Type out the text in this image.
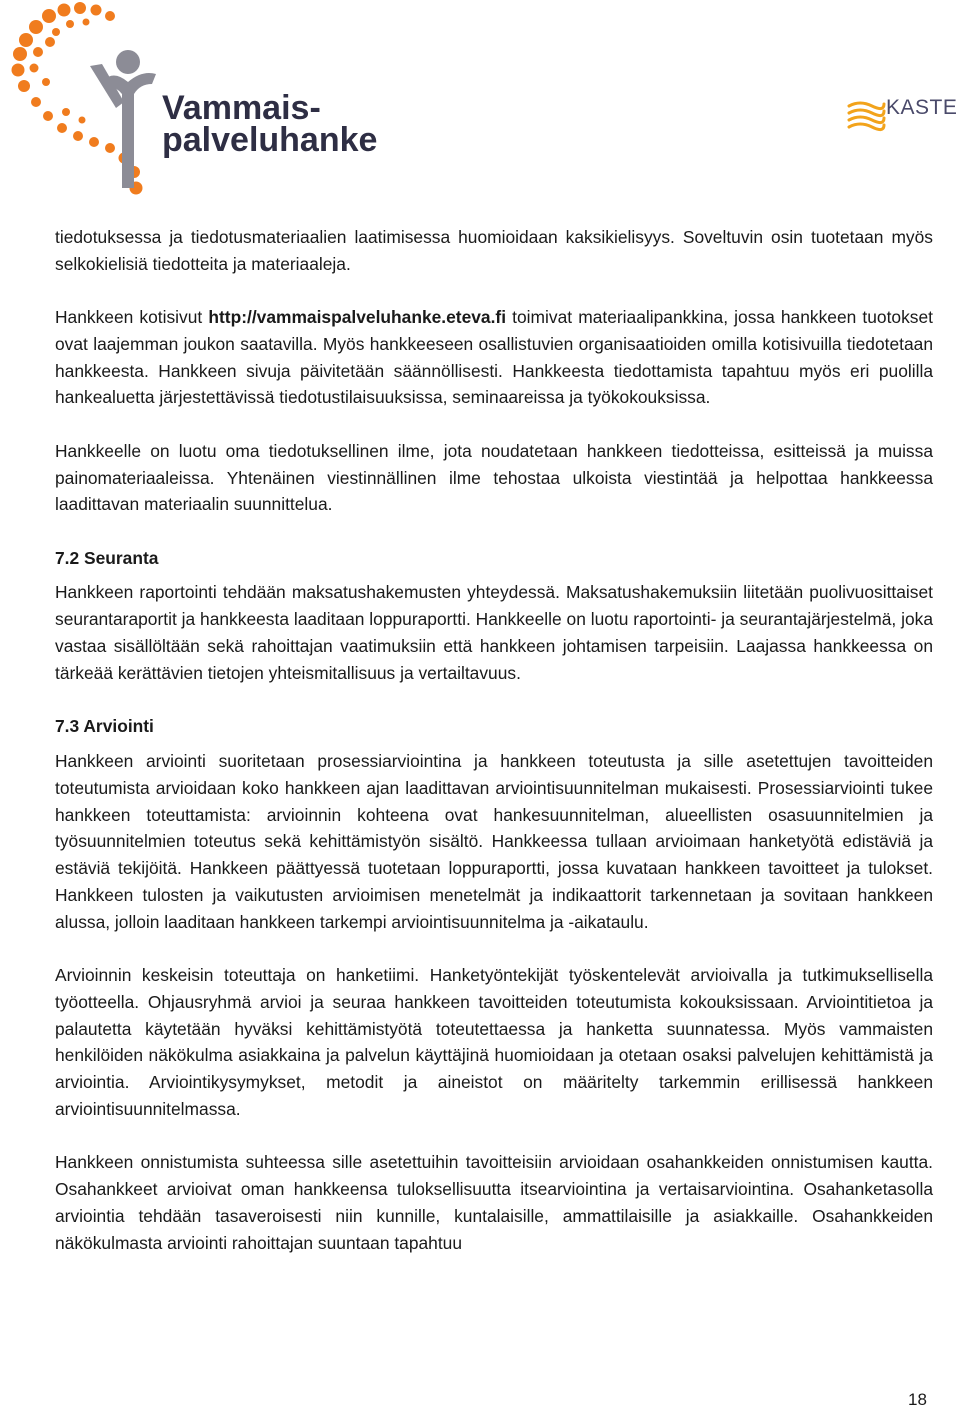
Vammais-
palveluhanke
KASTE

tiedotuksessa ja tiedotusmateriaalien laatimisessa huomioidaan kaksikielisyys. Soveltuvin osin tuotetaan myös selkokielisiä tiedotteita ja materiaaleja.

Hankkeen kotisivut http://vammaispalveluhanke.eteva.fi toimivat materiaalipankkina, jossa hankkeen tuotokset ovat laajemman joukon saatavilla. Myös hankkeeseen osallistuvien organisaatioiden omilla kotisivuilla tiedotetaan hankkeesta. Hankkeen sivuja päivitetään säännöllisesti. Hankkeesta tiedottamista tapahtuu myös eri puolilla hankealuetta järjestettävissä tiedotustilaisuuksissa, seminaareissa ja työkokouksissa.

Hankkeelle on luotu oma tiedotuksellinen ilme, jota noudatetaan hankkeen tiedotteissa, esitteissä ja muissa painomateriaaleissa. Yhtenäinen viestinnällinen ilme tehostaa ulkoista viestintää ja helpottaa hankkeessa laadittavan materiaalin suunnittelua.

7.2 Seuranta

Hankkeen raportointi tehdään maksatushakemusten yhteydessä. Maksatushakemuksiin liitetään puolivuosittaiset seurantaraportit ja hankkeesta laaditaan loppuraportti. Hankkeelle on luotu raportointi- ja seurantajärjestelmä, joka vastaa sisällöltään sekä rahoittajan vaatimuksiin että hankkeen johtamisen tarpeisiin. Laajassa hankkeessa on tärkeää kerättävien tietojen yhteismitallisuus ja vertailtavuus.

7.3 Arviointi

Hankkeen arviointi suoritetaan prosessiarviointina ja hankkeen toteutusta ja sille asetettujen tavoitteiden toteutumista arvioidaan koko hankkeen ajan laadittavan arviointisuunnitelman mukaisesti. Prosessiarviointi tukee hankkeen toteuttamista: arvioinnin kohteena ovat hankesuunnitelman, alueellisten osasuunnitelmien ja työsuunnitelmien toteutus sekä kehittämistyön sisältö. Hankkeessa tullaan arvioimaan hanketyötä edistäviä ja estäviä tekijöitä. Hankkeen päättyessä tuotetaan loppuraportti, jossa kuvataan hankkeen tavoitteet ja tulokset. Hankkeen tulosten ja vaikutusten arvioimisen menetelmät ja indikaattorit tarkennetaan ja sovitaan hankkeen alussa, jolloin laaditaan hankkeen tarkempi arviointisuunnitelma ja -aikataulu.

Arvioinnin keskeisin toteuttaja on hanketiimi. Hanketyöntekijät työskentelevät arvioivalla ja tutkimuksellisella työotteella. Ohjausryhmä arvioi ja seuraa hankkeen tavoitteiden toteutumista kokouksissaan. Arviointitietoa ja palautetta käytetään hyväksi kehittämistyötä toteutettaessa ja hanketta suunnatessa. Myös vammaisten henkilöiden näkökulma asiakkaina ja palvelun käyttäjinä huomioidaan ja otetaan osaksi palvelujen kehittämistä ja arviointia. Arviointikysymykset, metodit ja aineistot on määritelty tarkemmin erillisessä hankkeen arviointisuunnitelmassa.

Hankkeen onnistumista suhteessa sille asetettuihin tavoitteisiin arvioidaan osahankkeiden onnistumisen kautta. Osahankkeet arvioivat oman hankkeensa tuloksellisuutta itsearviointina ja vertaisarviointina. Osahanketasolla arviointia tehdään tasaveroisesti niin kunnille, kuntalaisille, ammattilaisille ja asiakkaille. Osahankkeiden näkökulmasta arviointi rahoittajan suuntaan tapahtuu

18
